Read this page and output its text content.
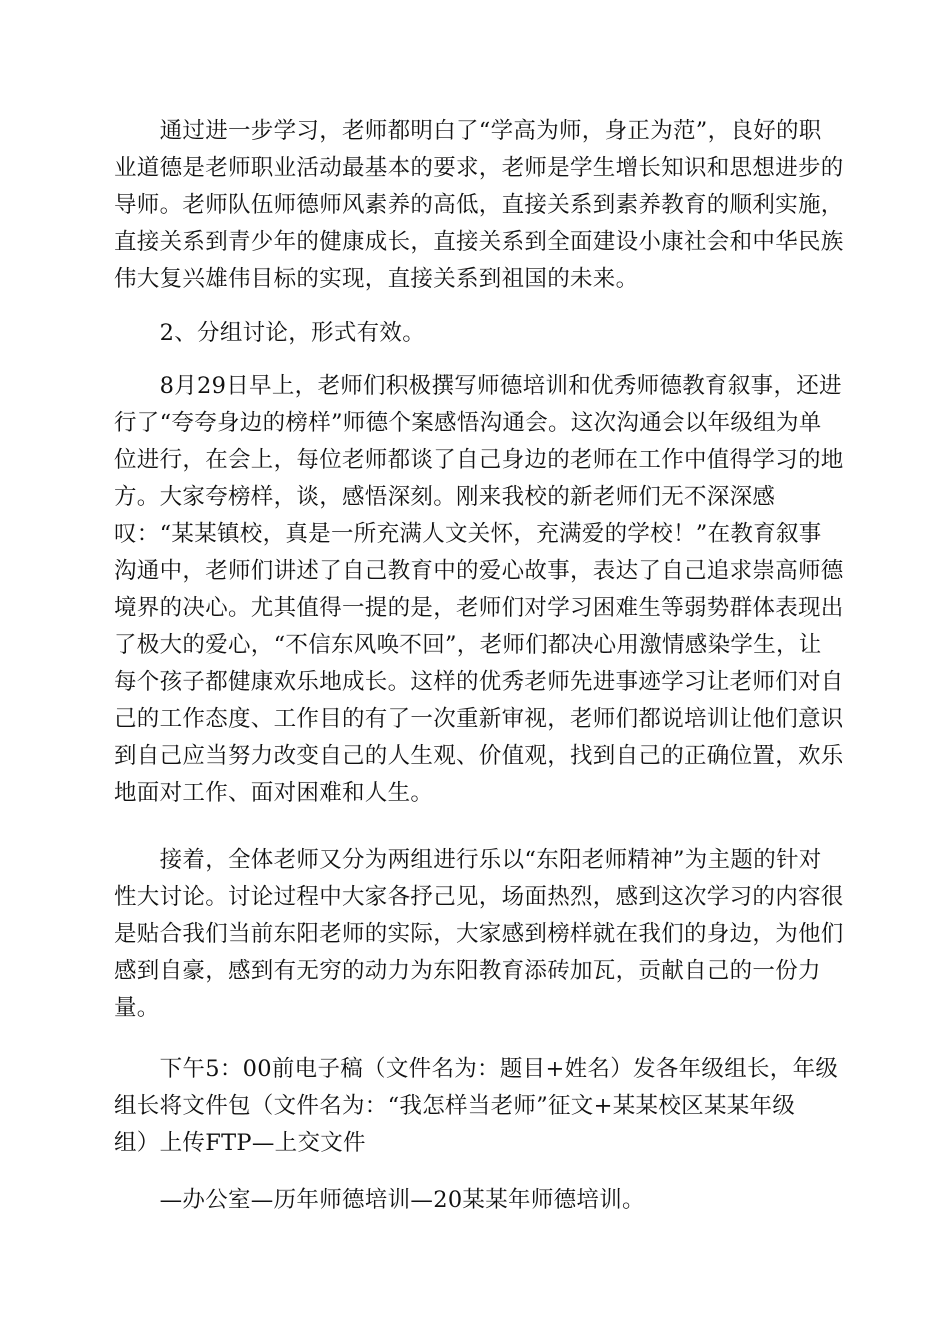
　　通过进一步学习，老师都明白了“学高为师，身正为范”，良好的职
业道德是老师职业活动最基本的要求，老师是学生增长知识和思想进步的
导师。老师队伍师德师风素养的高低，直接关系到素养教育的顺利实施，
直接关系到青少年的健康成长，直接关系到全面建设小康社会和中华民族
伟大复兴雄伟目标的实现，直接关系到祖国的未来。
　　2、分组讨论，形式有效。
　　8月29日早上，老师们积极撰写师德培训和优秀师德教育叙事，还进
行了“夸夸身边的榜样”师德个案感悟沟通会。这次沟通会以年级组为单
位进行，在会上，每位老师都谈了自己身边的老师在工作中值得学习的地
方。大家夸榜样，谈，感悟深刻。刚来我校的新老师们无不深深感
叹：“某某镇校，真是一所充满人文关怀，充满爱的学校！”在教育叙事
沟通中，老师们讲述了自己教育中的爱心故事，表达了自己追求崇高师德
境界的决心。尤其值得一提的是，老师们对学习困难生等弱势群体表现出
了极大的爱心，“不信东风唤不回”，老师们都决心用激情感染学生，让
每个孩子都健康欢乐地成长。这样的优秀老师先进事迹学习让老师们对自
己的工作态度、工作目的有了一次重新审视，老师们都说培训让他们意识
到自己应当努力改变自己的人生观、价值观，找到自己的正确位置，欢乐
地面对工作、面对困难和人生。
　　接着，全体老师又分为两组进行乐以“东阳老师精神”为主题的针对
性大讨论。讨论过程中大家各抒己见，场面热烈，感到这次学习的内容很
是贴合我们当前东阳老师的实际，大家感到榜样就在我们的身边，为他们
感到自豪，感到有无穷的动力为东阳教育添砖加瓦，贡献自己的一份力
量。
　　下午5：00前电子稿（文件名为：题目+姓名）发各年级组长，年级
组长将文件包（文件名为：“我怎样当老师”征文+某某校区某某年级
组）上传FTP—上交文件
　　—办公室—历年师德培训—20某某年师德培训。
